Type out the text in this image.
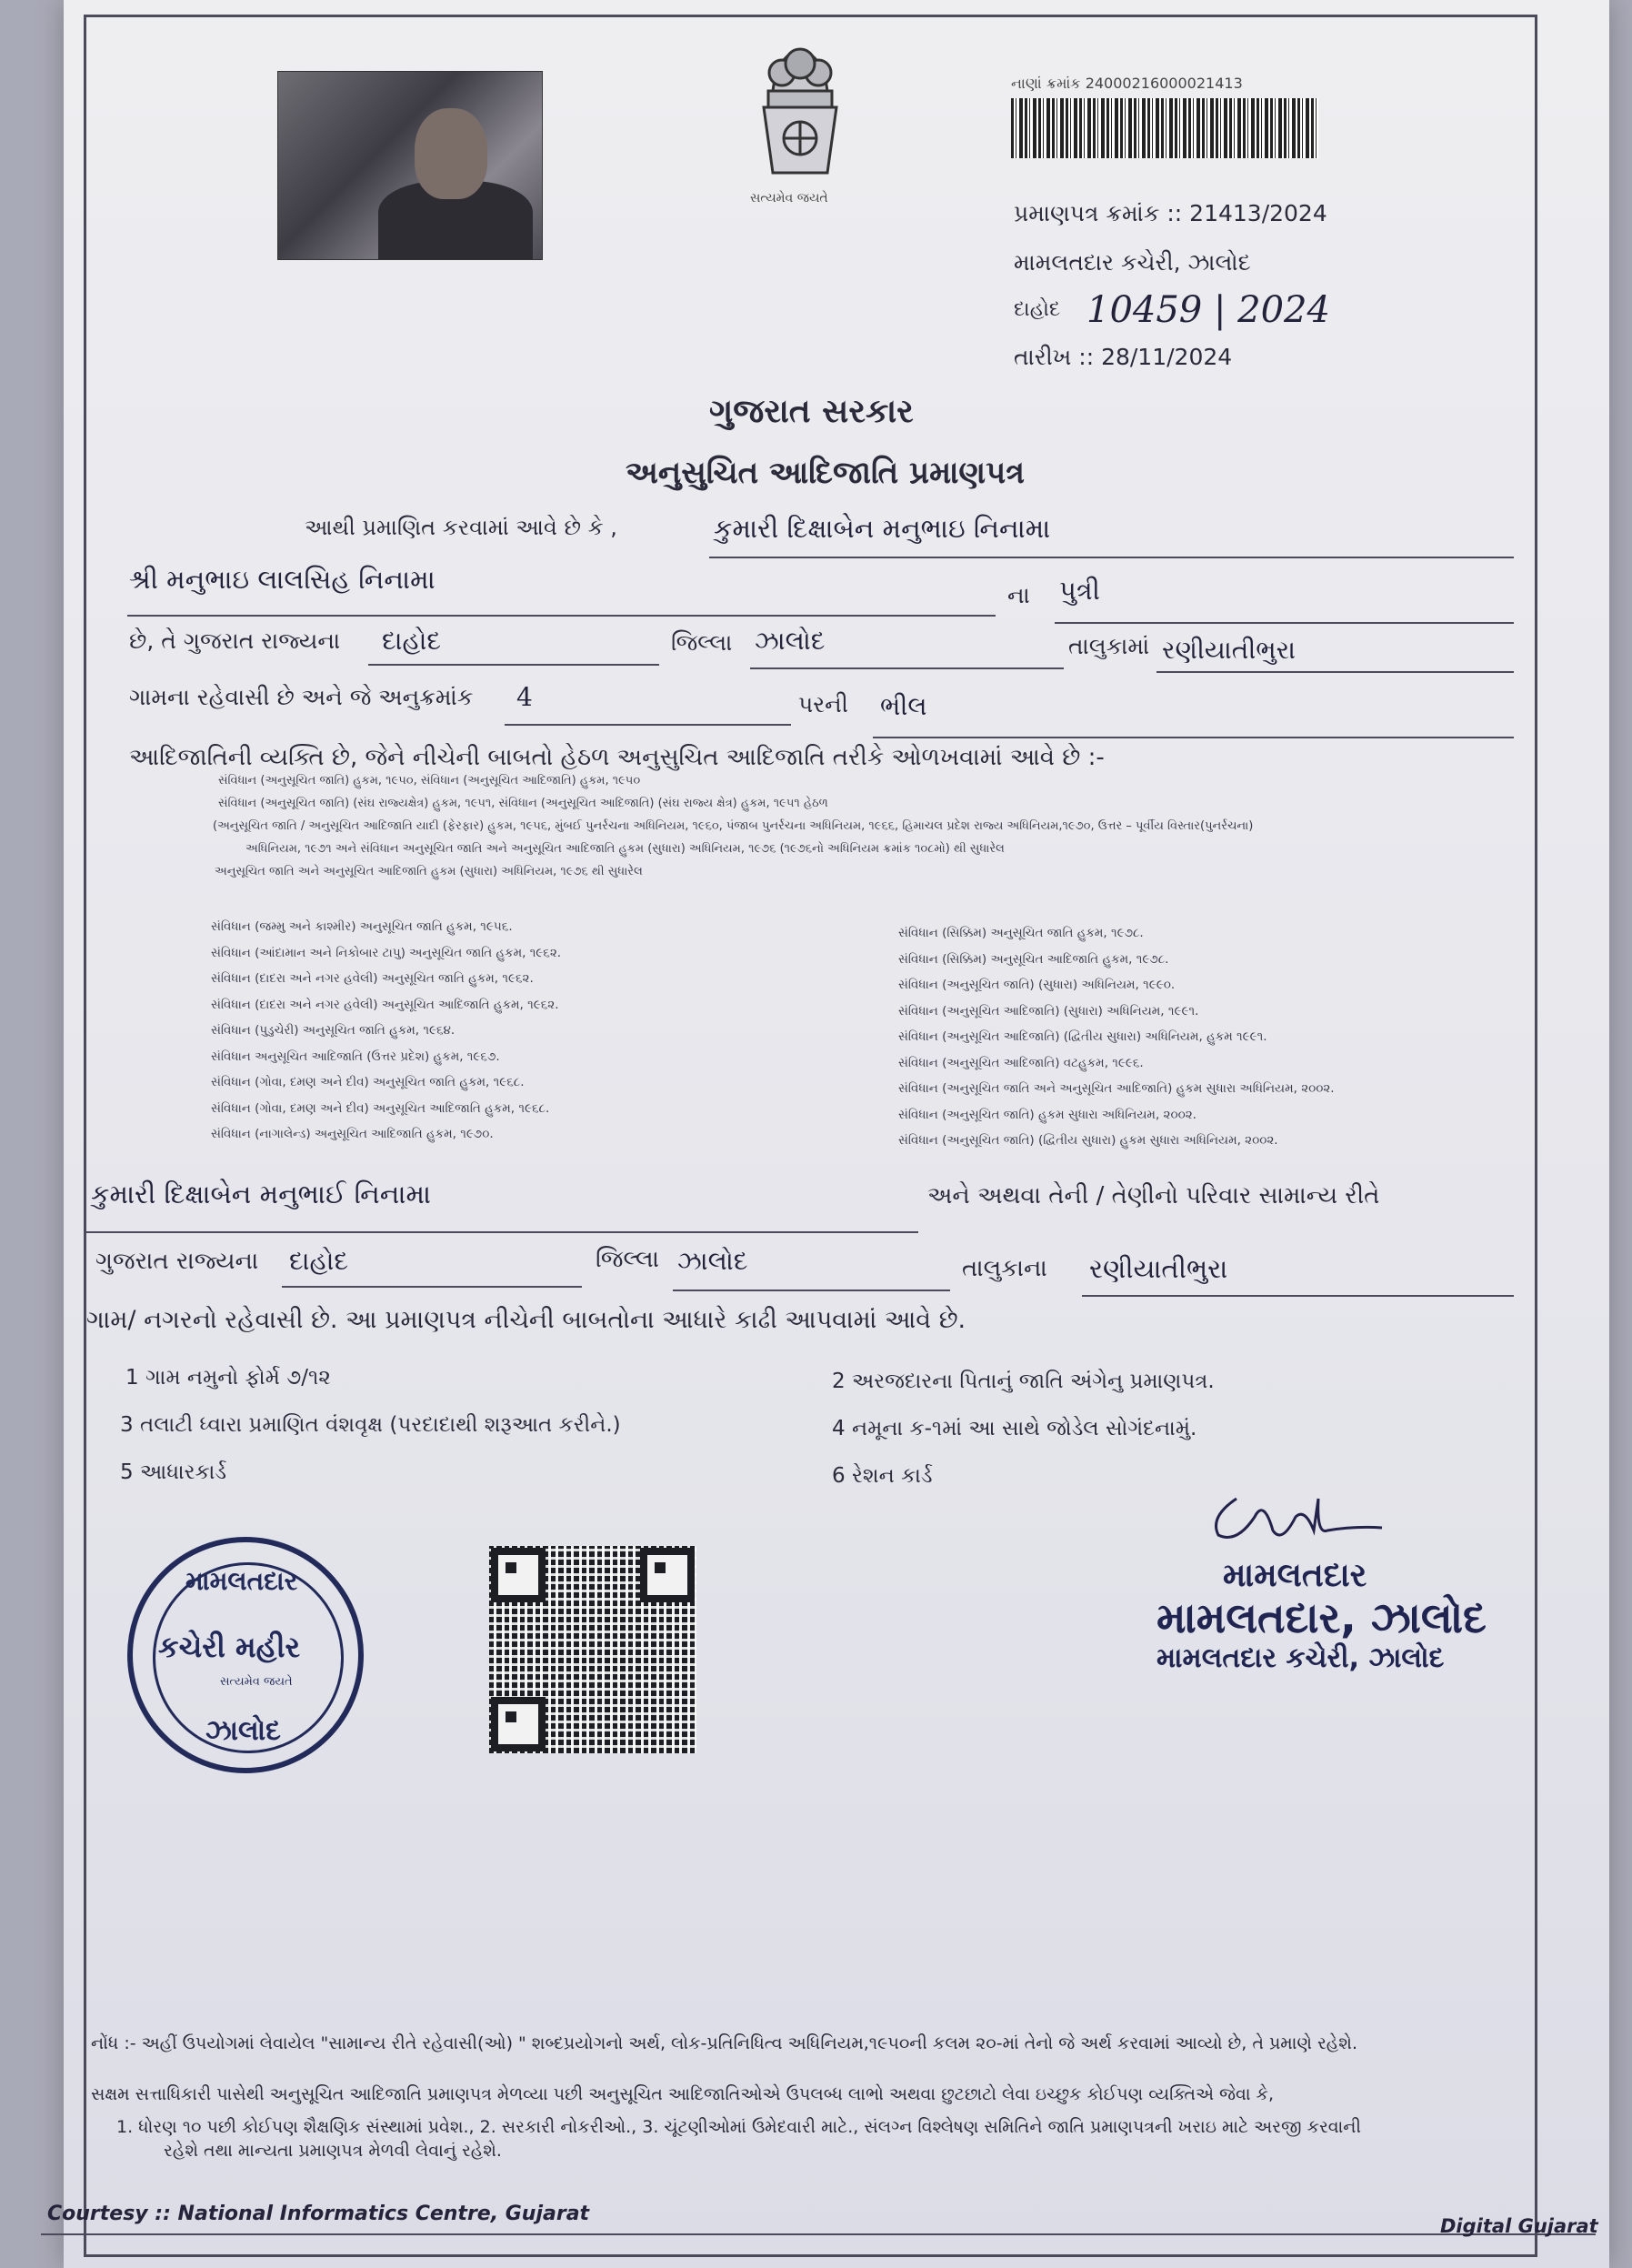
સત્યમેવ જયતે
નાણાં ક્રમાંક 24000216000021413
પ્રમાણપત્ર ક્રમાંક :: 21413/2024
મામલતદાર કચેરી, ઝાલોદ
દાહોદ 10459 | 2024
તારીખ :: 28/11/2024
ગુજરાત સરકાર
અનુસુચિત આદિજાતિ પ્રમાણપત્ર
આથી પ્રમાણિત કરવામાં આવે છે કે ,	કુમારી દિક્ષાબેન મનુભાઇ નિનામા
શ્રી મનુભાઇ લાલસિહ નિનામા
ના પુત્રી
છે, તે ગુજરાત રાજ્યના દાહોદ	જિલ્લા ઝાલોદ	તાલુકામાં રણીયાતીભુરા
ગામના રહેવાસી છે અને જે અનુક્રમાંક 4	પરની ભીલ
આદિજાતિની વ્યક્તિ છે, જેને નીચેની બાબતો હેઠળ અનુસુચિત આદિજાતિ તરીકે ઓળખવામાં આવે છે :-
સંવિધાન (અનુસૂચિત જાતિ) હુકમ, ૧૯૫૦, સંવિધાન (અનુસૂચિત આદિજાતિ) હુકમ, ૧૯૫૦
સંવિધાન (અનુસૂચિત જાતિ) (સંઘ રાજ્યક્ષેત્ર) હુકમ, ૧૯૫૧, સંવિધાન (અનુસૂચિત આદિજાતિ) (સંઘ રાજ્ય ક્ષેત્ર) હુકમ, ૧૯૫૧ હેઠળ
(અનુસૂચિત જાતિ / અનુસૂચિત આદિજાતિ યાદી (ફેરફાર) હુકમ, ૧૯૫૬, મુંબઈ પુનર્રચના અધિનિયમ, ૧૯૬૦, પંજાબ પુનર્રચના અધિનિયમ, ૧૯૬૬, હિમાચલ પ્રદેશ રાજ્ય અધિનિયમ,૧૯૭૦, ઉત્તર – પૂર્વીય વિસ્તાર(પુનર્રચના)
અધિનિયમ, ૧૯૭૧ અને સંવિધાન અનુસૂચિત જાતિ અને અનુસૂચિત આદિજાતિ હુકમ (સુધારા) અધિનિયમ, ૧૯૭૬ (૧૯૭૬નો અધિનિયમ ક્રમાંક ૧૦૮મો) થી સુધારેલ
અનુસૂચિત જાતિ અને અનુસૂચિત આદિજાતિ હુકમ (સુધારા) અધિનિયમ, ૧૯૭૬ થી સુધારેલ
સંવિધાન (જમ્મુ અને કાશ્મીર) અનુસૂચિત જાતિ હુકમ, ૧૯૫૬.
સંવિધાન (આંદામાન અને નિકોબાર ટાપુ) અનુસૂચિત જાતિ હુકમ, ૧૯૬૨.
સંવિધાન (દાદરા અને નગર હવેલી) અનુસૂચિત જાતિ હુકમ, ૧૯૬૨.
સંવિધાન (દાદરા અને નગર હવેલી) અનુસૂચિત આદિજાતિ હુકમ, ૧૯૬૨.
સંવિધાન (પુડુચેરી) અનુસૂચિત જાતિ હુકમ, ૧૯૬૪.
સંવિધાન અનુસૂચિત આદિજાતિ (ઉત્તર પ્રદેશ) હુકમ, ૧૯૬૭.
સંવિધાન (ગોવા, દમણ અને દીવ) અનુસૂચિત જાતિ હુકમ, ૧૯૬૮.
સંવિધાન (ગોવા, દમણ અને દીવ) અનુસૂચિત આદિજાતિ હુકમ, ૧૯૬૮.
સંવિધાન (નાગાલેન્ડ) અનુસૂચિત આદિજાતિ હુકમ, ૧૯૭૦.
સંવિધાન (સિક્કિમ) અનુસૂચિત જાતિ હુકમ, ૧૯૭૮.
સંવિધાન (સિક્કિમ) અનુસૂચિત આદિજાતિ હુકમ, ૧૯૭૮.
સંવિધાન (અનુસૂચિત જાતિ) (સુધારા) અધિનિયમ, ૧૯૯૦.
સંવિધાન (અનુસૂચિત આદિજાતિ) (સુધારા) અધિનિયમ, ૧૯૯૧.
સંવિધાન (અનુસૂચિત આદિજાતિ) (દ્વિતીય સુધારા) અધિનિયમ, હુકમ ૧૯૯૧.
સંવિધાન (અનુસૂચિત આદિજાતિ) વટહુકમ, ૧૯૯૬.
સંવિધાન (અનુસૂચિત જાતિ અને અનુસૂચિત આદિજાતિ) હુકમ સુધારા અધિનિયમ, ૨૦૦૨.
સંવિધાન (અનુસૂચિત જાતિ) હુકમ સુધારા અધિનિયમ, ૨૦૦૨.
સંવિધાન (અનુસૂચિત જાતિ) (દ્વિતીય સુધારા) હુકમ સુધારા અધિનિયમ, ૨૦૦૨.
કુમારી દિક્ષાબેન મનુભાઈ નિનામા	અને અથવા તેની / તેણીનો પરિવાર સામાન્ય રીતે
ગુજરાત રાજ્યના દાહોદ	જિલ્લા ઝાલોદ	તાલુકાના રણીયાતીભુરા
ગામ/ નગરનો રહેવાસી છે. આ પ્રમાણપત્ર નીચેની બાબતોના આધારે કાઢી આપવામાં આવે છે.
1 ગામ નમુનો ફોર્મ ૭/૧૨	2 અરજદારના પિતાનું જાતિ અંગેનુ પ્રમાણપત્ર.
3 તલાટી ધ્વારા પ્રમાણિત વંશવૃક્ષ (પરદાદાથી શરૂઆત કરીને.)	4 નમૂના ક-૧માં આ સાથે જોડેલ સોગંદનામું.
5 આધારકાર્ડ	6 રેશન કાર્ડ
મામલતદાર
કચેરી મહીર
સત્યમેવ જયતે
ઝાલોદ
મામલતદાર
મામલતદાર, ઝાલોદ
મામલતદાર કચેરી, ઝાલોદ
નોંધ :- અહીં ઉપયોગમાં લેવાયેલ "સામાન્ય રીતે રહેવાસી(ઓ) " શબ્દપ્રયોગનો અર્થ, લોક-પ્રતિનિધિત્વ અધિનિયમ,૧૯૫૦ની કલમ ૨૦-માં તેનો જે અર્થ કરવામાં આવ્યો છે, તે પ્રમાણે રહેશે.
સક્ષમ સત્તાધિકારી પાસેથી અનુસૂચિત આદિજાતિ પ્રમાણપત્ર મેળવ્યા પછી અનુસૂચિત આદિજાતિઓએ ઉપલબ્ધ લાભો અથવા છુટછાટો લેવા ઇચ્છુક કોઈપણ વ્યક્તિએ જેવા કે,
1. ધોરણ ૧૦ પછી કોઈપણ શૈક્ષણિક સંસ્થામાં પ્રવેશ., 2. સરકારી નોકરીઓ., 3. ચૂંટણીઓમાં ઉમેદવારી માટે., સંલગ્ન વિશ્લેષણ સમિતિને જાતિ પ્રમાણપત્રની ખરાઇ માટે અરજી કરવાની
રહેશે તથા માન્યતા પ્રમાણપત્ર મેળવી લેવાનું રહેશે.
Courtesy :: National Informatics Centre, Gujarat
Digital Gujarat
